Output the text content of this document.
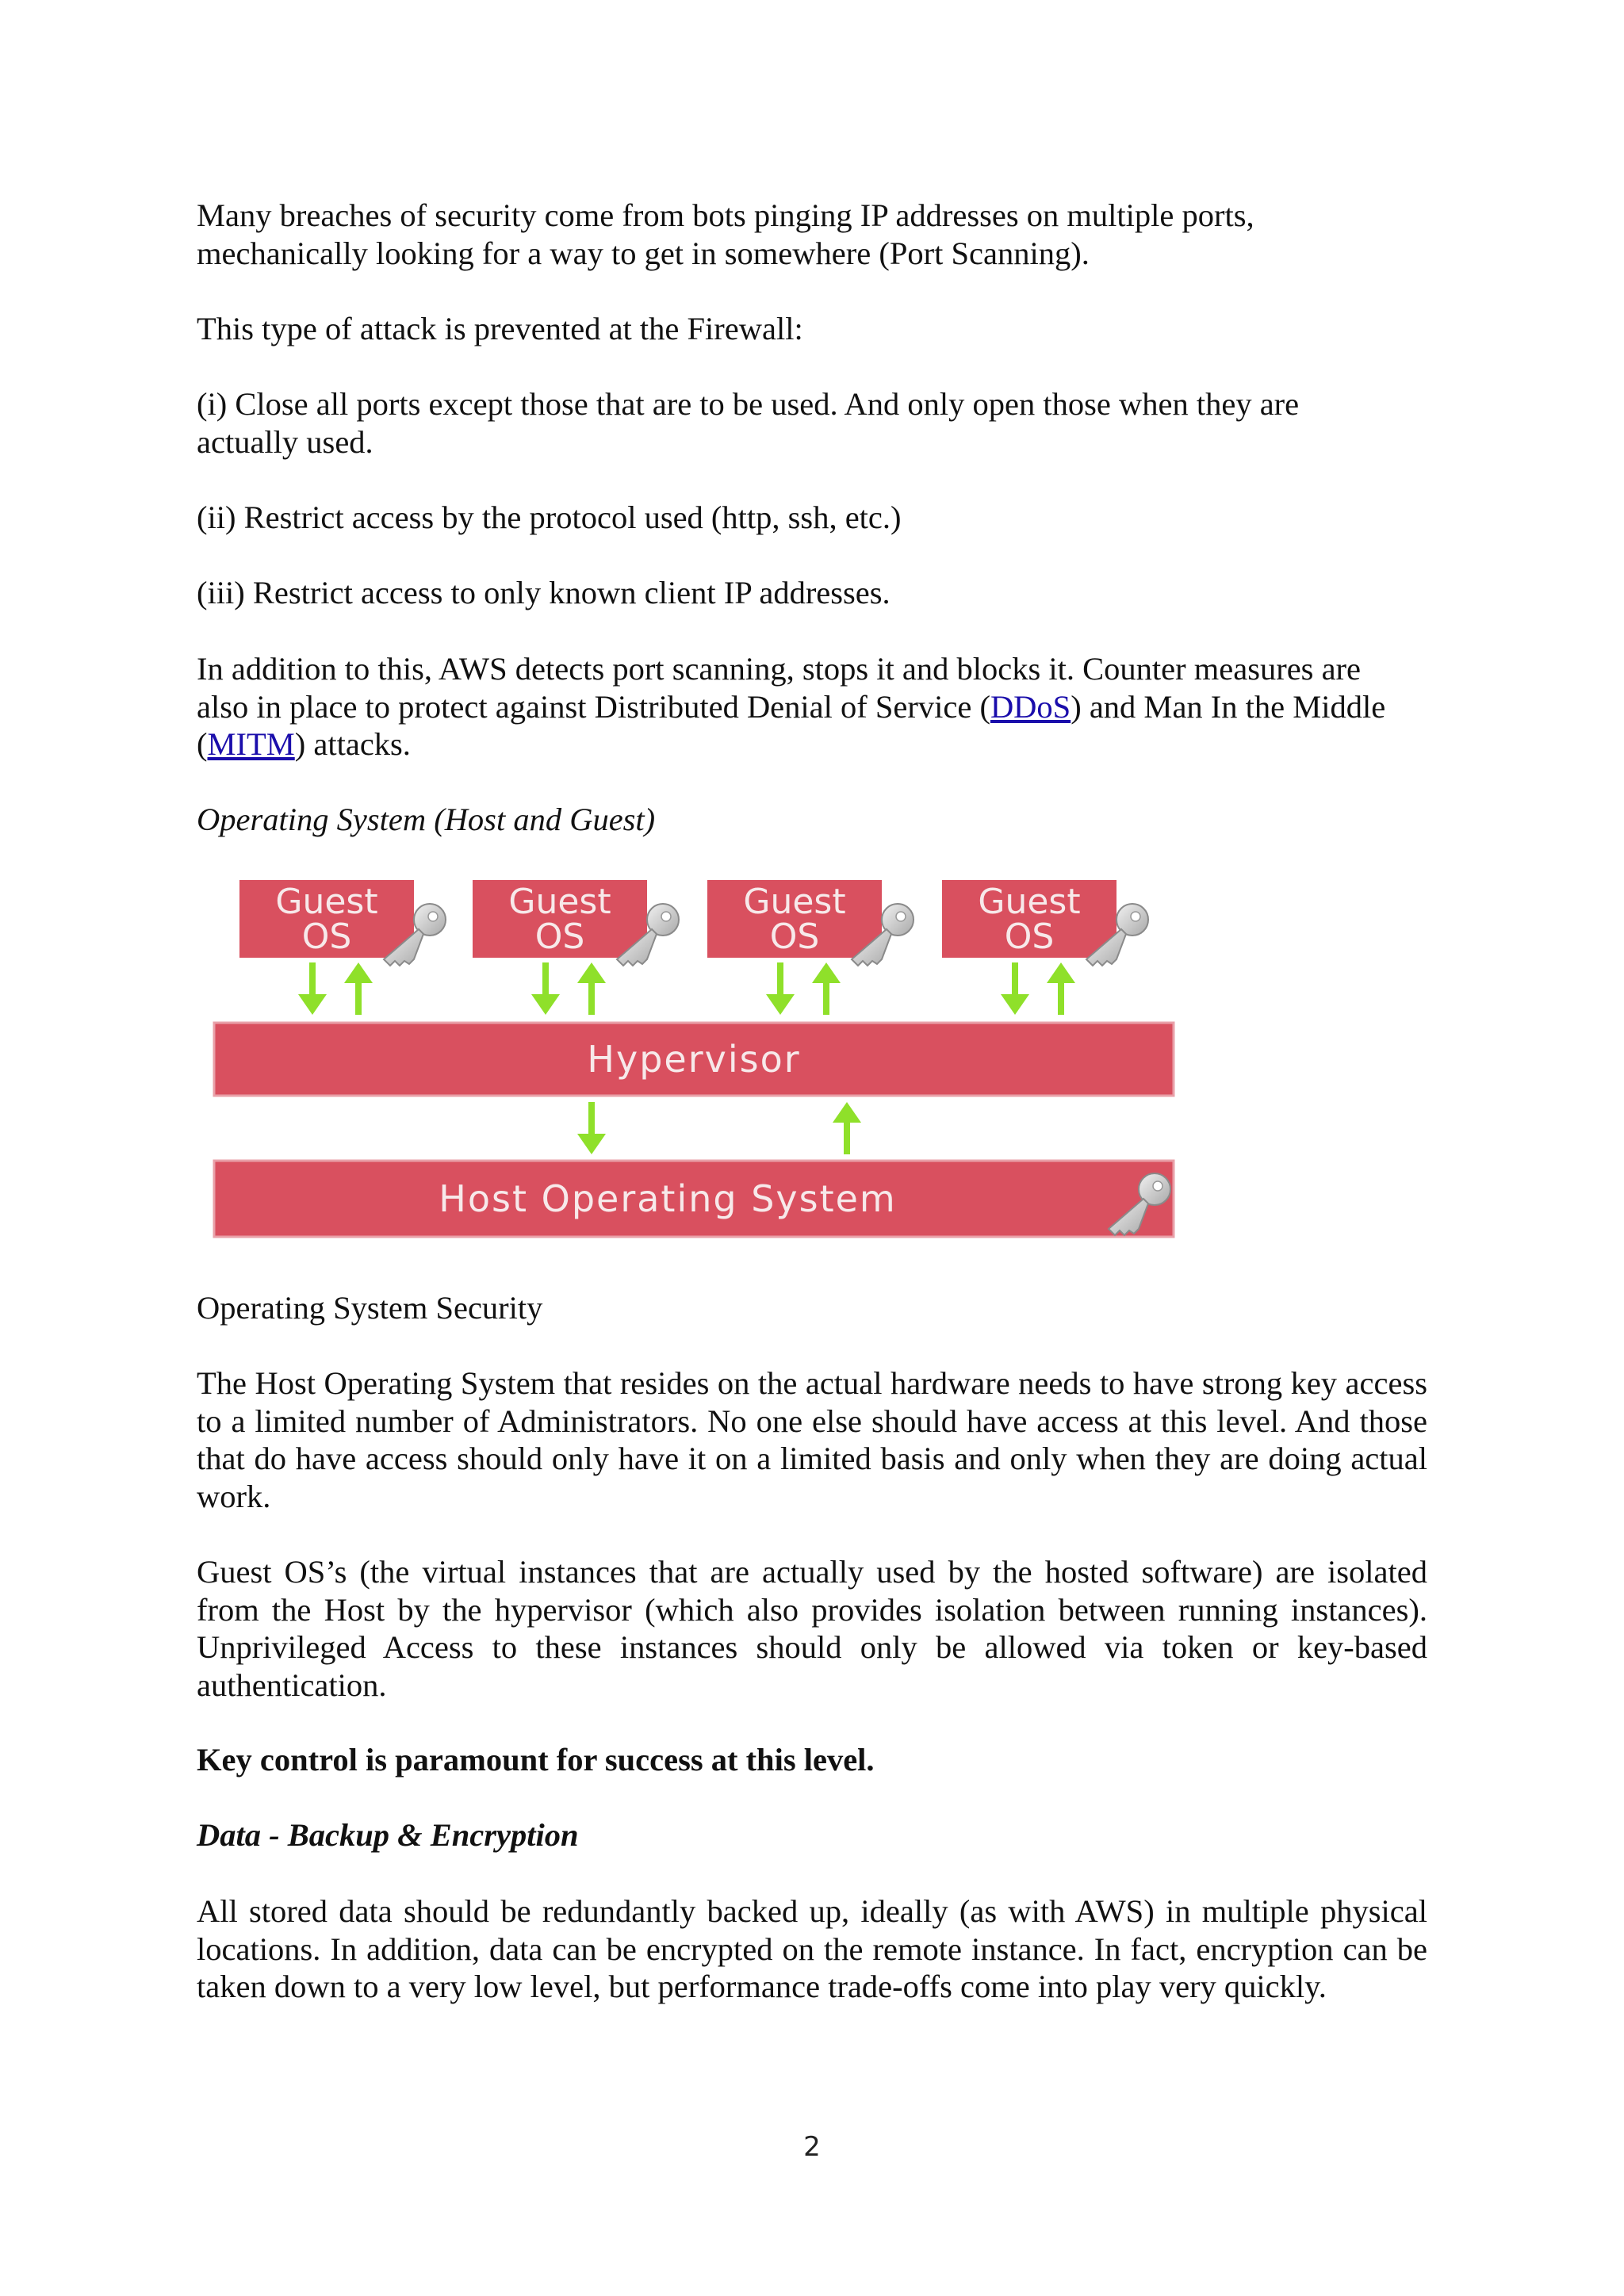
Many breaches of security come from bots pinging IP addresses on multiple ports,
mechanically looking for a way to get in somewhere (Port Scanning).
This type of attack is prevented at the Firewall:
(i) Close all ports except those that are to be used. And only open those when they are
actually used.
(ii) Restrict access by the protocol used (http, ssh, etc.)
(iii) Restrict access to only known client IP addresses.
In addition to this, AWS detects port scanning, stops it and blocks it. Counter measures are
also in place to protect against Distributed Denial of Service (DDoS) and Man In the Middle
(MITM) attacks.
Operating System (Host and Guest)
Guest
OS
Guest
OS
Guest
OS
Guest
OS
Hypervisor
Host Operating System
Operating System Security
The Host Operating System that resides on the actual hardware needs to have strong key access to a limited number of Administrators. No one else should have access at this level. And those that do have access should only have it on a limited basis and only when they are doing actual work.
Guest OS’s (the virtual instances that are actually used by the hosted software) are isolated from the Host by the hypervisor (which also provides isolation between running instances). Unprivileged Access to these instances should only be allowed via token or key-based authentication.
Key control is paramount for success at this level.
Data - Backup & Encryption
All stored data should be redundantly backed up, ideally (as with AWS) in multiple physical locations. In addition, data can be encrypted on the remote instance. In fact, encryption can be taken down to a very low level, but performance trade-offs come into play very quickly.
2
